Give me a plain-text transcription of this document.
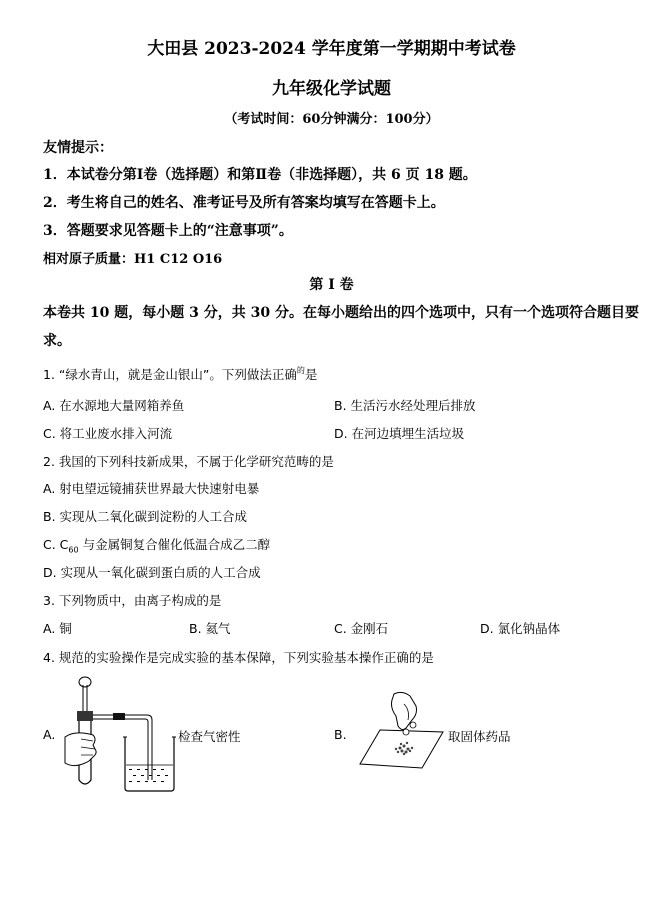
大田县 2023-2024 学年度第一学期期中考试卷
九年级化学试题
（考试时间：60分钟满分：100分）
友情提示：
1．本试卷分第Ⅰ卷（选择题）和第Ⅱ卷（非选择题），共 6 页 18 题。
2．考生将自己的姓名、准考证号及所有答案均填写在答题卡上。
3．答题要求见答题卡上的“注意事项”。
相对原子质量：H1 C12 O16
第 I 卷
本卷共 10 题，每小题 3 分，共 30 分。在每小题给出的四个选项中，只有一个选项符合题目要
求。
1. “绿水青山，就是金山银山”。下列做法正确$^的$是
A. 在水源地大量网箱养鱼	B. 生活污水经处理后排放
C. 将工业废水排入河流	D. 在河边填埋生活垃圾
2. 我国的下列科技新成果，不属于化学研究范畴的是
A. 射电望远镜捕获世界最大快速射电暴
B. 实现从二氧化碳到淀粉的人工合成
C. $C_{60}$ 与金属铜复合催化低温合成乙二醇
D. 实现从一氧化碳到蛋白质的人工合成
3. 下列物质中，由离子构成的是
A. 铜	B. 氦气	C. 金刚石	D. 氯化钠晶体
4. 规范的实验操作是完成实验的基本保障，下列实验基本操作正确的是
A.	检查气密性	B.	取固体药品
